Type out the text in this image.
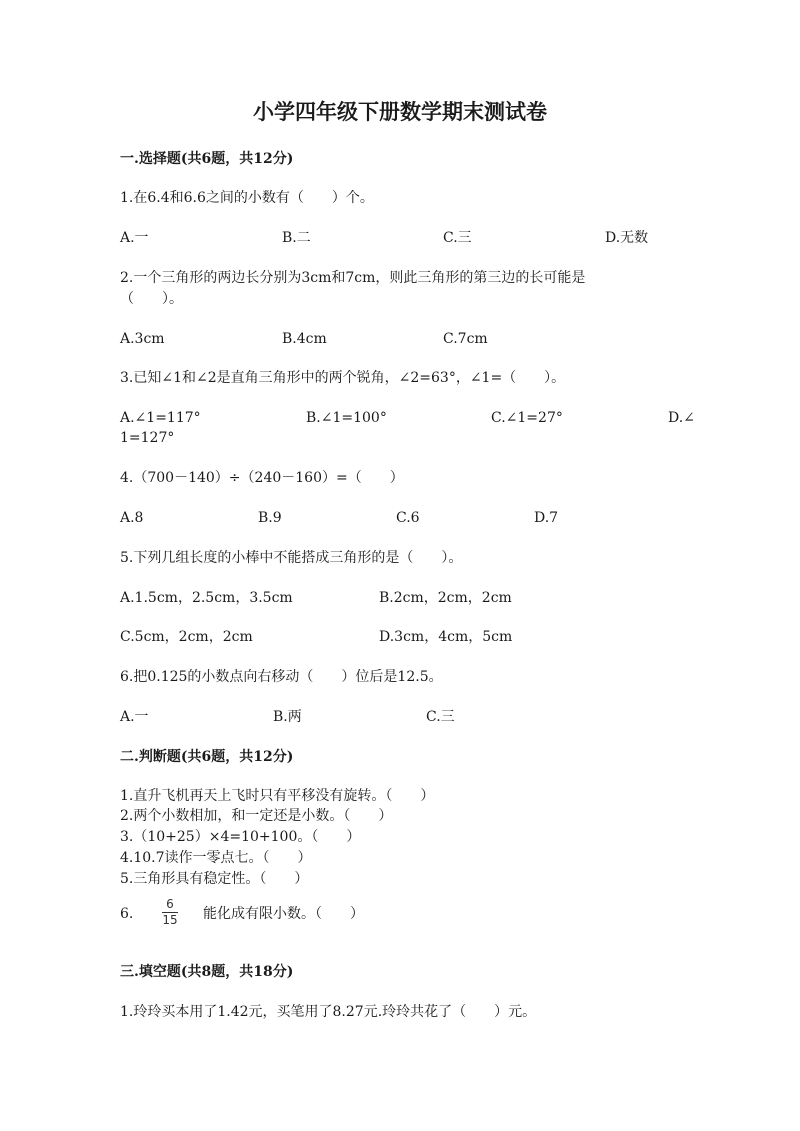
小学四年级下册数学期末测试卷
一.选择题(共6题，共12分)
1.在6.4和6.6之间的小数有（　　）个。
A.一	B.二	C.三	D.无数
2.一个三角形的两边长分别为3cm和7cm，则此三角形的第三边的长可能是
（　　）。
A.3cm	B.4cm	C.7cm
3.已知∠1和∠2是直角三角形中的两个锐角，∠2=63°，∠1=（　　）。
A.∠1=117°	B.∠1=100°	C.∠1=27°	D.∠
1=127°
4.（700－140）÷（240－160）=（　　）
A.8	B.9	C.6	D.7
5.下列几组长度的小棒中不能搭成三角形的是（　　）。
A.1.5cm，2.5cm，3.5cm	B.2cm，2cm，2cm
C.5cm，2cm，2cm	D.3cm，4cm，5cm
6.把0.125的小数点向右移动（　　）位后是12.5。
A.一	B.两	C.三
二.判断题(共6题，共12分)
1.直升飞机再天上飞时只有平移没有旋转。（　　）
2.两个小数相加，和一定还是小数。（　　）
3.（10+25）×4=10+100。（　　）
4.10.7读作一零点七。（　　）
5.三角形具有稳定性。（　　）
6.
6
15 能化成有限小数。（　　）
三.填空题(共8题，共18分)
1.玲玲买本用了1.42元，买笔用了8.27元.玲玲共花了（　　）元。
